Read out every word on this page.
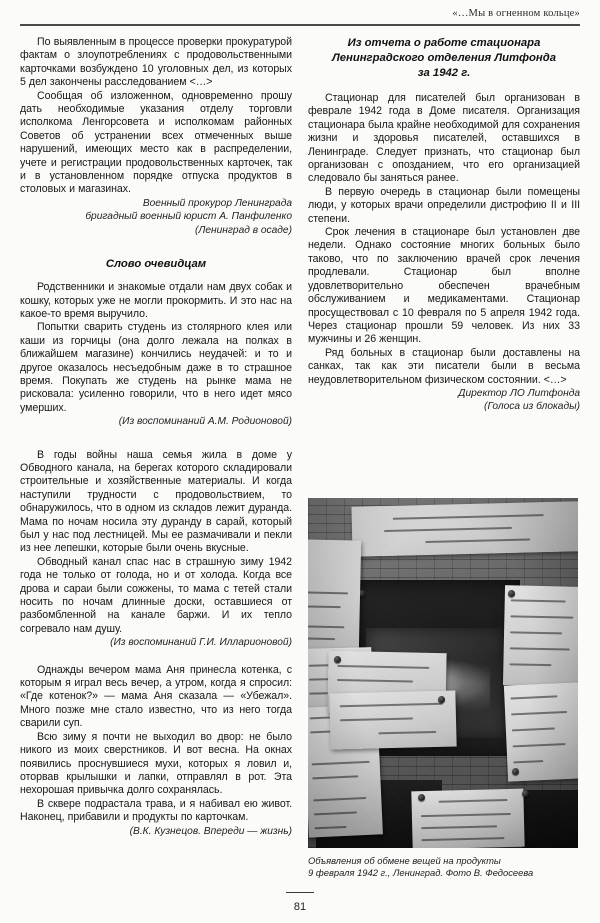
«…Мы в огненном кольце»

По выявленным в процессе проверки прокуратурой фактам о злоупотреблениях с продовольственными карточками возбуждено 10 уголовных дел, из которых 5 дел закончены расследованием <…>

Сообщая об изложенном, одновременно прошу дать необходимые указания отделу торговли исполкома Ленгорсовета и исполкомам районных Советов об устранении всех отмеченных выше нарушений, имеющих место как в распределении, учете и регистрации продовольственных карточек, так и в установленном порядке отпуска продуктов в столовых и магазинах.

Военный прокурор Ленинграда

бригадный военный юрист А. Панфиленко

(Ленинград в осаде)

Слово очевидцам

Родственники и знакомые отдали нам двух собак и кошку, которых уже не могли прокормить. И это нас на какое-то время выручило.

Попытки сварить студень из столярного клея или каши из горчицы (она долго лежала на полках в ближайшем магазине) кончились неудачей: и то и другое оказалось несъедобным даже в то страшное время. Покупать же студень на рынке мама не рисковала: усиленно говорили, что в него идет мясо умерших.

(Из воспоминаний А.М. Родионовой)

В годы войны наша семья жила в доме у Обводного канала, на берегах которого складировали строительные и хозяйственные материалы. И когда наступили трудности с продовольствием, то обнаружилось, что в одном из складов лежит дуранда. Мама по ночам носила эту дуранду в сарай, который был у нас под лестницей. Мы ее размачивали и пекли из нее лепешки, которые были очень вкусные.

Обводный канал спас нас в страшную зиму 1942 года не только от голода, но и от холода. Когда все дрова и сараи были сожжены, то мама с тетей стали носить по ночам длинные доски, оставшиеся от разбомбленной на канале баржи. И их тепло согревало нам душу.

(Из воспоминаний Г.И. Илларионовой)

Однажды вечером мама Аня принесла котенка, с которым я играл весь вечер, а утром, когда я спросил: «Где котенок?» — мама Аня сказала — «Убежал». Много позже мне стало известно, что из него тогда сварили суп.

Всю зиму я почти не выходил во двор: не было никого из моих сверстников. И вот весна. На окнах появились проснувшиеся мухи, которых я ловил и, оторвав крылышки и лапки, отправлял в рот. Эта нехорошая привычка долго сохранялась.

В сквере подрастала трава, и я набивал ею живот. Наконец, прибавили и продукты по карточкам.

(В.К. Кузнецов. Впереди — жизнь)

Из отчета о работе стационара
Ленинградского отделения Литфонда
за 1942 г.

Стационар для писателей был организован в феврале 1942 года в Доме писателя. Организация стационара была крайне необходимой для сохранения жизни и здоровья писателей, оставшихся в Ленинграде. Следует признать, что стационар был организован с опозданием, что его организацией следовало бы заняться ранее.

В первую очередь в стационар были помещены люди, у которых врачи определили дистрофию II и III степени.

Срок лечения в стационаре был установлен две недели. Однако состояние многих больных было таково, что по заключению врачей срок лечения продлевали. Стационар был вполне удовлетворительно обеспечен врачебным обслуживанием и медикаментами. Стационар просуществовал с 10 февраля по 5 апреля 1942 года. Через стационар прошли 59 человек. Из них 33 мужчины и 26 женщин.

Ряд больных в стационар были доставлены на санках, так как эти писатели были в весьма неудовлетворительном физическом состоянии. <…>

Директор ЛО Литфонда

(Голоса из блокады)

Объявления об обмене вещей на продукты
9 февраля 1942 г., Ленинград. Фото В. Федосеева
81
